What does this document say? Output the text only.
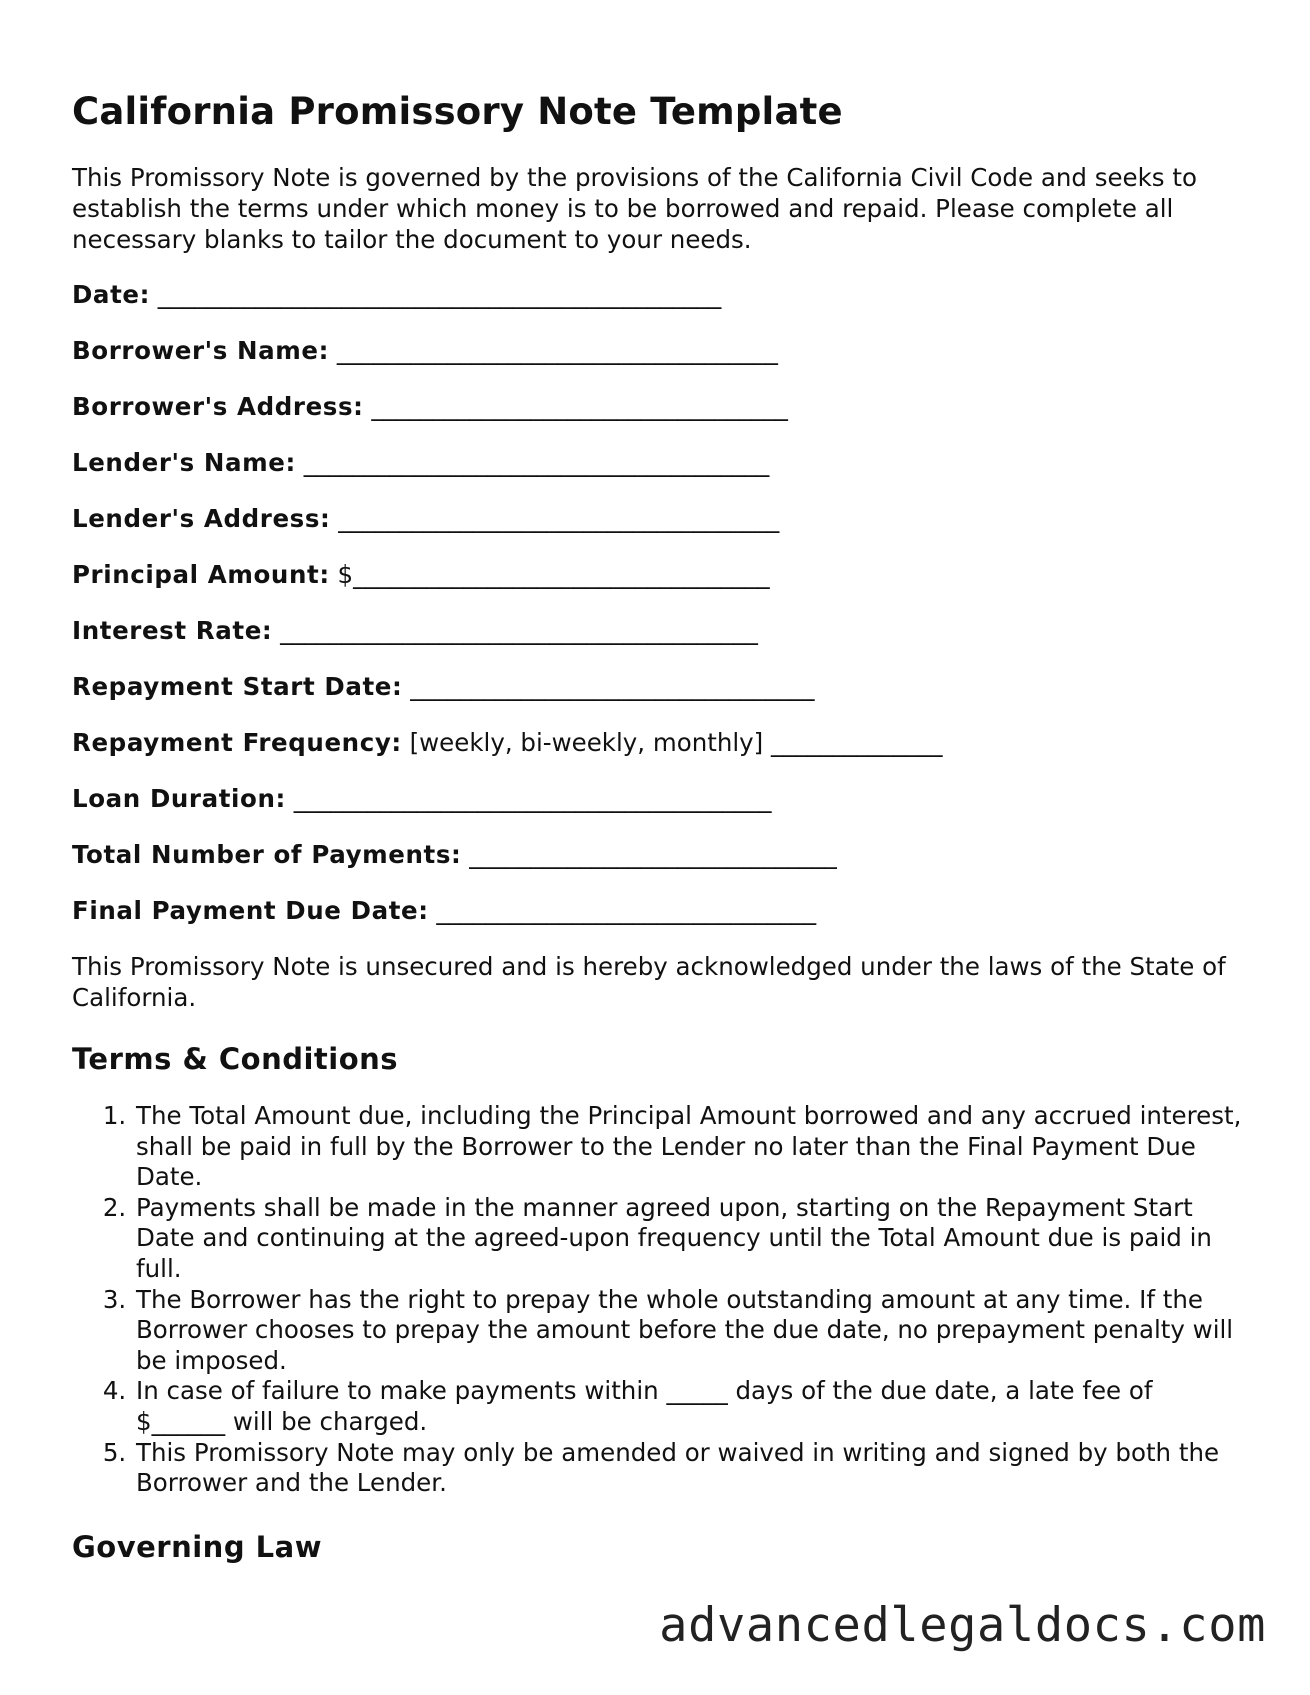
California Promissory Note Template

This Promissory Note is governed by the provisions of the California Civil Code and seeks to establish the terms under which money is to be borrowed and repaid. Please complete all necessary blanks to tailor the document to your needs.

Date: ______________________________________________
Borrower's Name: ____________________________________
Borrower's Address: __________________________________
Lender's Name: ______________________________________
Lender's Address: ____________________________________
Principal Amount: $__________________________________
Interest Rate: _______________________________________
Repayment Start Date: _________________________________
Repayment Frequency: [weekly, bi-weekly, monthly] ______________
Loan Duration: _______________________________________
Total Number of Payments: ______________________________
Final Payment Due Date: _______________________________

This Promissory Note is unsecured and is hereby acknowledged under the laws of the State of California.

Terms & Conditions
1. The Total Amount due, including the Principal Amount borrowed and any accrued interest, shall be paid in full by the Borrower to the Lender no later than the Final Payment Due Date.
2. Payments shall be made in the manner agreed upon, starting on the Repayment Start Date and continuing at the agreed-upon frequency until the Total Amount due is paid in full.
3. The Borrower has the right to prepay the whole outstanding amount at any time. If the Borrower chooses to prepay the amount before the due date, no prepayment penalty will be imposed.
4. In case of failure to make payments within _____ days of the due date, a late fee of $______ will be charged.
5. This Promissory Note may only be amended or waived in writing and signed by both the Borrower and the Lender.
Governing Law
advancedlegaldocs.com
